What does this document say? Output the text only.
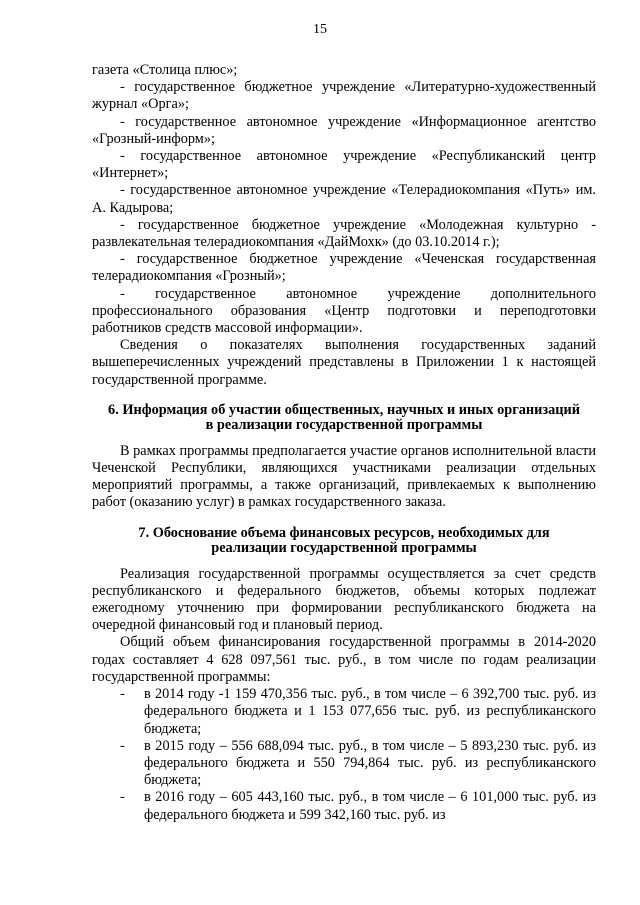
15

газета «Столица плюс»;

- государственное бюджетное учреждение «Литературно-художественный журнал «Орга»;

- государственное автономное учреждение «Информационное агентство «Грозный-информ»;

- государственное автономное учреждение «Республиканский центр «Интернет»;

- государственное автономное учреждение «Телерадиокомпания «Путь» им. А. Кадырова;

- государственное бюджетное учреждение «Молодежная культурно - развлекательная телерадиокомпания «ДайМохк» (до 03.10.2014 г.);

- государственное бюджетное учреждение «Чеченская государственная телерадиокомпания «Грозный»;

- государственное автономное учреждение дополнительного профессионального образования «Центр подготовки и переподготовки работников средств массовой информации».

Сведения о показателях выполнения государственных заданий вышеперечисленных учреждений представлены в Приложении 1 к настоящей государственной программе.

6. Информация об участии общественных, научных и иных организаций
в реализации государственной программы

В рамках программы предполагается участие органов исполнительной власти Чеченской Республики, являющихся участниками реализации отдельных мероприятий программы, а также организаций, привлекаемых к выполнению работ (оказанию услуг) в рамках государственного заказа.

7. Обоснование объема финансовых ресурсов, необходимых для
реализации государственной программы

Реализация государственной программы осуществляется за счет средств республиканского и федерального бюджетов, объемы которых подлежат ежегодному уточнению при формировании республиканского бюджета на очередной финансовый год и плановый период.

Общий объем финансирования государственной программы в 2014-2020 годах составляет 4 628 097,561 тыс. руб., в том числе по годам реализации государственной программы:

- в 2014 году -1 159 470,356 тыс. руб., в том числе – 6 392,700 тыс. руб. из федерального бюджета и 1 153 077,656 тыс. руб. из республиканского бюджета;
- в 2015 году – 556 688,094 тыс. руб., в том числе – 5 893,230 тыс. руб. из федерального бюджета и 550 794,864 тыс. руб. из республиканского бюджета;
- в 2016 году – 605 443,160 тыс. руб., в том числе – 6 101,000 тыс. руб. из федерального бюджета и 599 342,160 тыс. руб. из
